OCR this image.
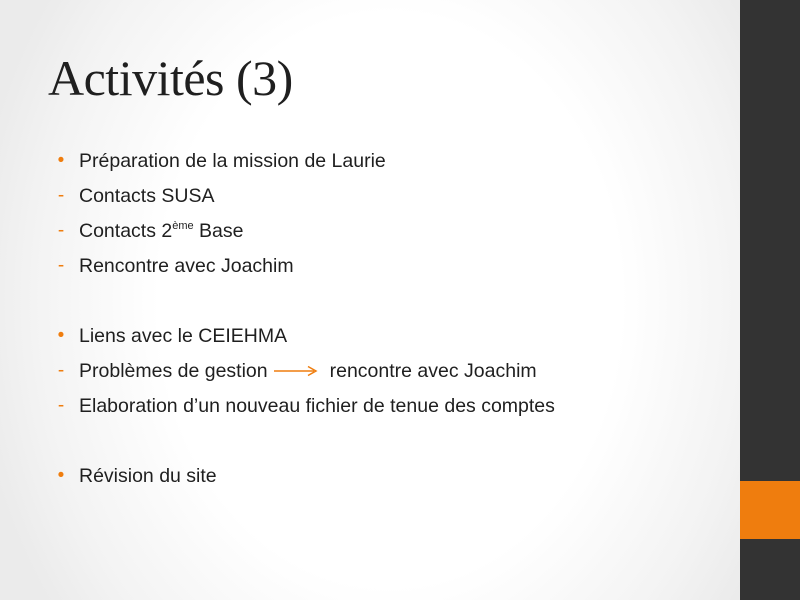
Activités (3)
• Préparation de la mission de Laurie
- Contacts SUSA
- Contacts 2ème Base
- Rencontre avec Joachim
• Liens avec le CEIEHMA
- Problèmes de gestion	rencontre avec Joachim
- Elaboration d’un nouveau fichier de tenue des comptes
• Révision du site
